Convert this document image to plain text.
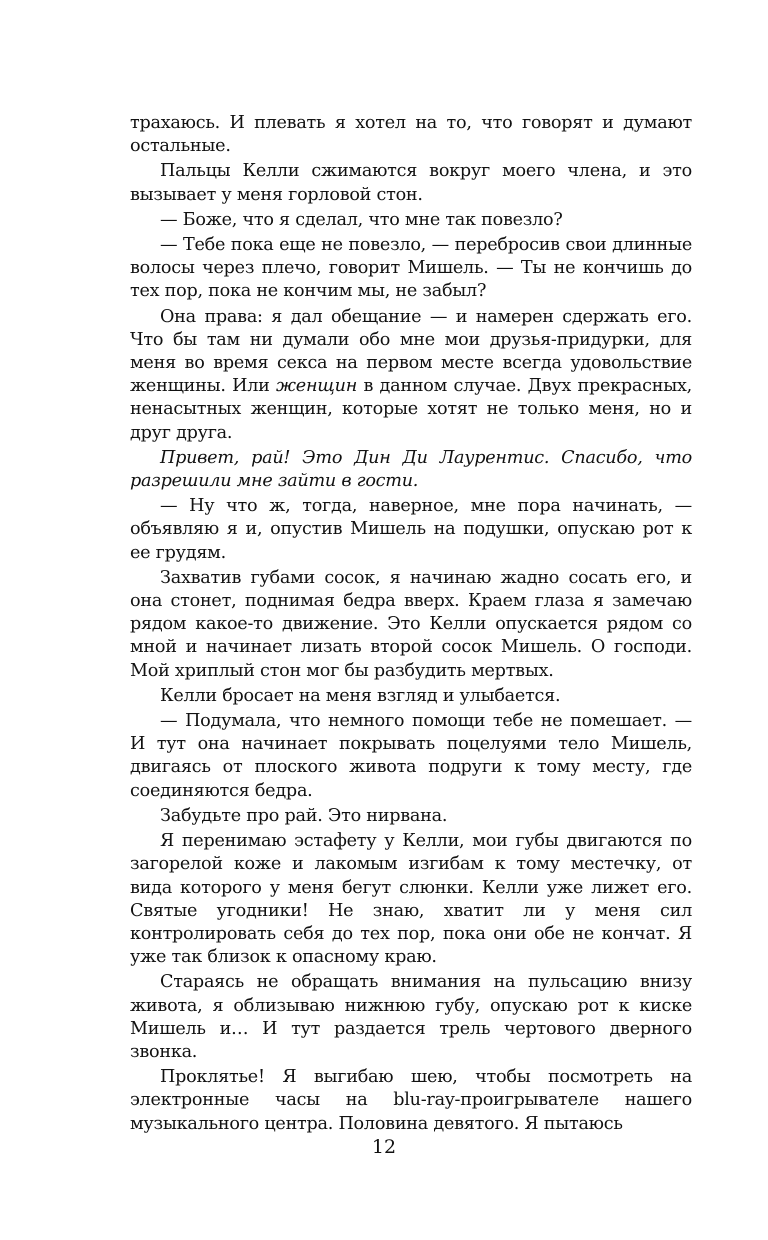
трахаюсь. И плевать я хотел на то, что говорят и думают остальные.

Пальцы Келли сжимаются вокруг моего члена, и это вызывает у меня горловой стон.

— Боже, что я сделал, что мне так повезло?

— Тебе пока еще не повезло, — перебросив свои длинные волосы через плечо, говорит Мишель. — Ты не кончишь до тех пор, пока не кончим мы, не забыл?

Она права: я дал обещание — и намерен сдержать его. Что бы там ни думали обо мне мои друзья-придурки, для меня во время секса на первом месте всегда удовольствие женщины. Или женщин в данном случае. Двух прекрасных, ненасытных женщин, которые хотят не только меня, но и друг друга.

Привет, рай! Это Дин Ди Лаурентис. Спасибо, что разрешили мне зайти в гости.

— Ну что ж, тогда, наверное, мне пора начинать, — объявляю я и, опустив Мишель на подушки, опускаю рот к ее грудям.

Захватив губами сосок, я начинаю жадно сосать его, и она стонет, поднимая бедра вверх. Краем глаза я замечаю рядом какое-то движение. Это Келли опускается рядом со мной и начинает лизать второй сосок Мишель. О господи. Мой хриплый стон мог бы разбудить мертвых.

Келли бросает на меня взгляд и улыбается.

— Подумала, что немного помощи тебе не помешает. — И тут она начинает покрывать поцелуями тело Мишель, двигаясь от плоского живота подруги к тому месту, где соединяются бедра.

Забудьте про рай. Это нирвана.

Я перенимаю эстафету у Келли, мои губы двигаются по загорелой коже и лакомым изгибам к тому местечку, от вида которого у меня бегут слюнки. Келли уже лижет его. Святые угодники! Не знаю, хватит ли у меня сил контролировать себя до тех пор, пока они обе не кончат. Я уже так близок к опасному краю.

Стараясь не обращать внимания на пульсацию внизу живота, я облизываю нижнюю губу, опускаю рот к киске Мишель и… И тут раздается трель чертового дверного звонка.

Проклятье! Я выгибаю шею, чтобы посмотреть на электронные часы на blu-ray-проигрывателе нашего музыкального центра. Половина девятого. Я пытаюсь

12
